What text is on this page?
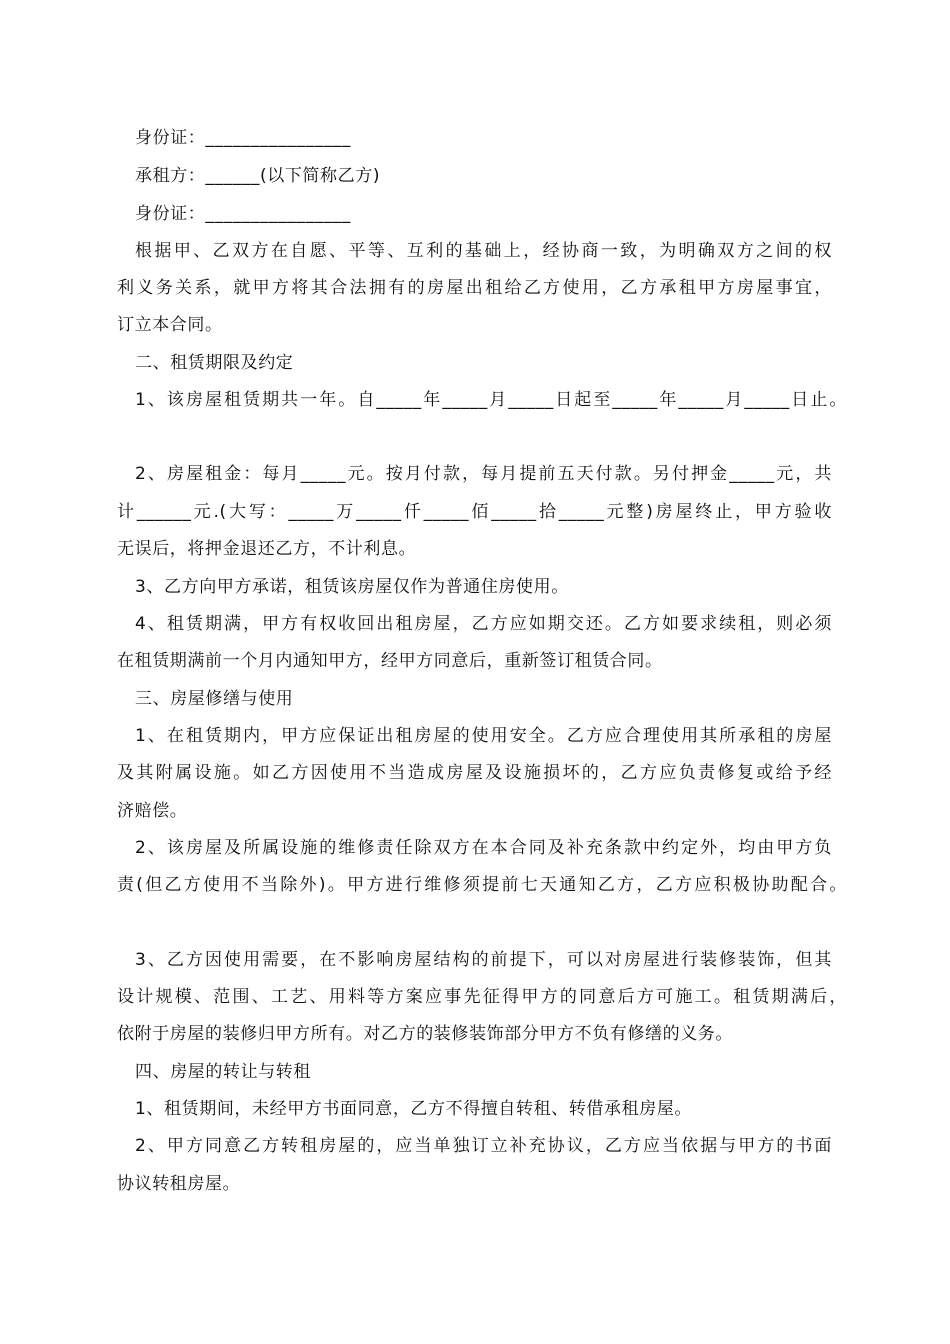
身份证：________________
承租方：______(以下简称乙方)
身份证：________________
根据甲、乙双方在自愿、平等、互利的基础上，经协商一致，为明确双方之间的权
利义务关系，就甲方将其合法拥有的房屋出租给乙方使用，乙方承租甲方房屋事宜，
订立本合同。
二、租赁期限及约定
1、该房屋租赁期共一年。自_____年_____月_____日起至_____年_____月_____日止。
2、房屋租金：每月_____元。按月付款，每月提前五天付款。另付押金_____元，共
计______元.(大写：_____万_____仟_____佰_____拾_____元整)房屋终止，甲方验收
无误后，将押金退还乙方，不计利息。
3、乙方向甲方承诺，租赁该房屋仅作为普通住房使用。
4、租赁期满，甲方有权收回出租房屋，乙方应如期交还。乙方如要求续租，则必须
在租赁期满前一个月内通知甲方，经甲方同意后，重新签订租赁合同。
三、房屋修缮与使用
1、在租赁期内，甲方应保证出租房屋的使用安全。乙方应合理使用其所承租的房屋
及其附属设施。如乙方因使用不当造成房屋及设施损坏的，乙方应负责修复或给予经
济赔偿。
2、该房屋及所属设施的维修责任除双方在本合同及补充条款中约定外，均由甲方负
责(但乙方使用不当除外)。甲方进行维修须提前七天通知乙方，乙方应积极协助配合。
3、乙方因使用需要，在不影响房屋结构的前提下，可以对房屋进行装修装饰，但其
设计规模、范围、工艺、用料等方案应事先征得甲方的同意后方可施工。租赁期满后，
依附于房屋的装修归甲方所有。对乙方的装修装饰部分甲方不负有修缮的义务。
四、房屋的转让与转租
1、租赁期间，未经甲方书面同意，乙方不得擅自转租、转借承租房屋。
2、甲方同意乙方转租房屋的，应当单独订立补充协议，乙方应当依据与甲方的书面
协议转租房屋。
